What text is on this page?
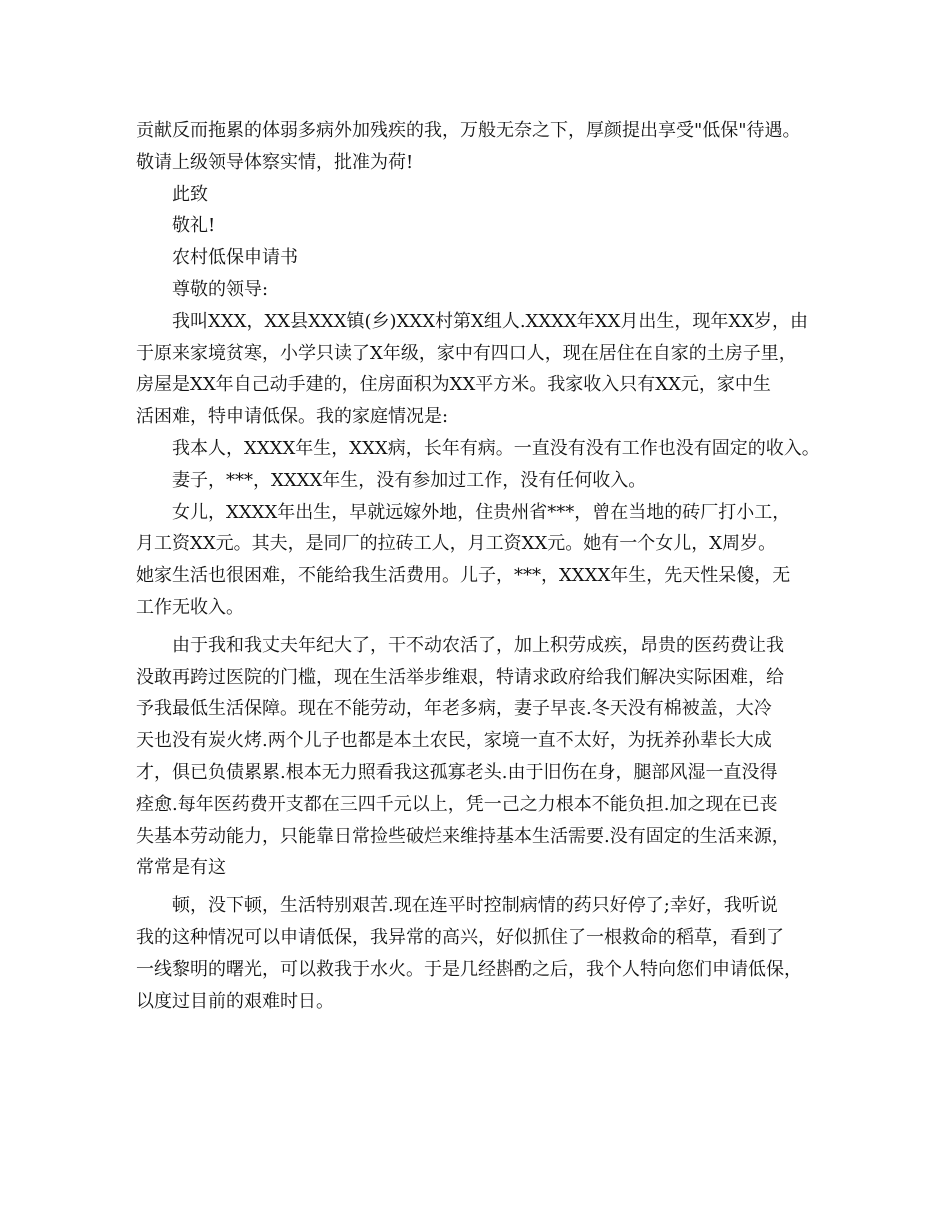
贡献反而拖累的体弱多病外加残疾的我，万般无奈之下，厚颜提出享受"低保"待遇。
敬请上级领导体察实情，批准为荷!
此致
敬礼!
农村低保申请书
尊敬的领导:
我叫XXX，XX县XXX镇(乡)XXX村第X组人.XXXX年XX月出生，现年XX岁，由
于原来家境贫寒，小学只读了X年级，家中有四口人，现在居住在自家的土房子里，
房屋是XX年自己动手建的，住房面积为XX平方米。我家收入只有XX元，家中生
活困难，特申请低保。我的家庭情况是:
我本人，XXXX年生，XXX病，长年有病。一直没有没有工作也没有固定的收入。
妻子，***，XXXX年生，没有参加过工作，没有任何收入。
女儿，XXXX年出生，早就远嫁外地，住贵州省***，曾在当地的砖厂打小工，
月工资XX元。其夫，是同厂的拉砖工人，月工资XX元。她有一个女儿，X周岁。
她家生活也很困难，不能给我生活费用。儿子，***，XXXX年生，先天性呆傻，无
工作无收入。
由于我和我丈夫年纪大了，干不动农活了，加上积劳成疾，昂贵的医药费让我
没敢再跨过医院的门槛，现在生活举步维艰，特请求政府给我们解决实际困难，给
予我最低生活保障。现在不能劳动，年老多病，妻子早丧.冬天没有棉被盖，大冷
天也没有炭火烤.两个儿子也都是本土农民，家境一直不太好，为抚养孙辈长大成
才，俱已负债累累.根本无力照看我这孤寡老头.由于旧伤在身，腿部风湿一直没得
痊愈.每年医药费开支都在三四千元以上，凭一己之力根本不能负担.加之现在已丧
失基本劳动能力，只能靠日常捡些破烂来维持基本生活需要.没有固定的生活来源，
常常是有这
顿，没下顿，生活特别艰苦.现在连平时控制病情的药只好停了;幸好，我听说
我的这种情况可以申请低保，我异常的高兴，好似抓住了一根救命的稻草，看到了
一线黎明的曙光，可以救我于水火。于是几经斟酌之后，我个人特向您们申请低保，
以度过目前的艰难时日。
